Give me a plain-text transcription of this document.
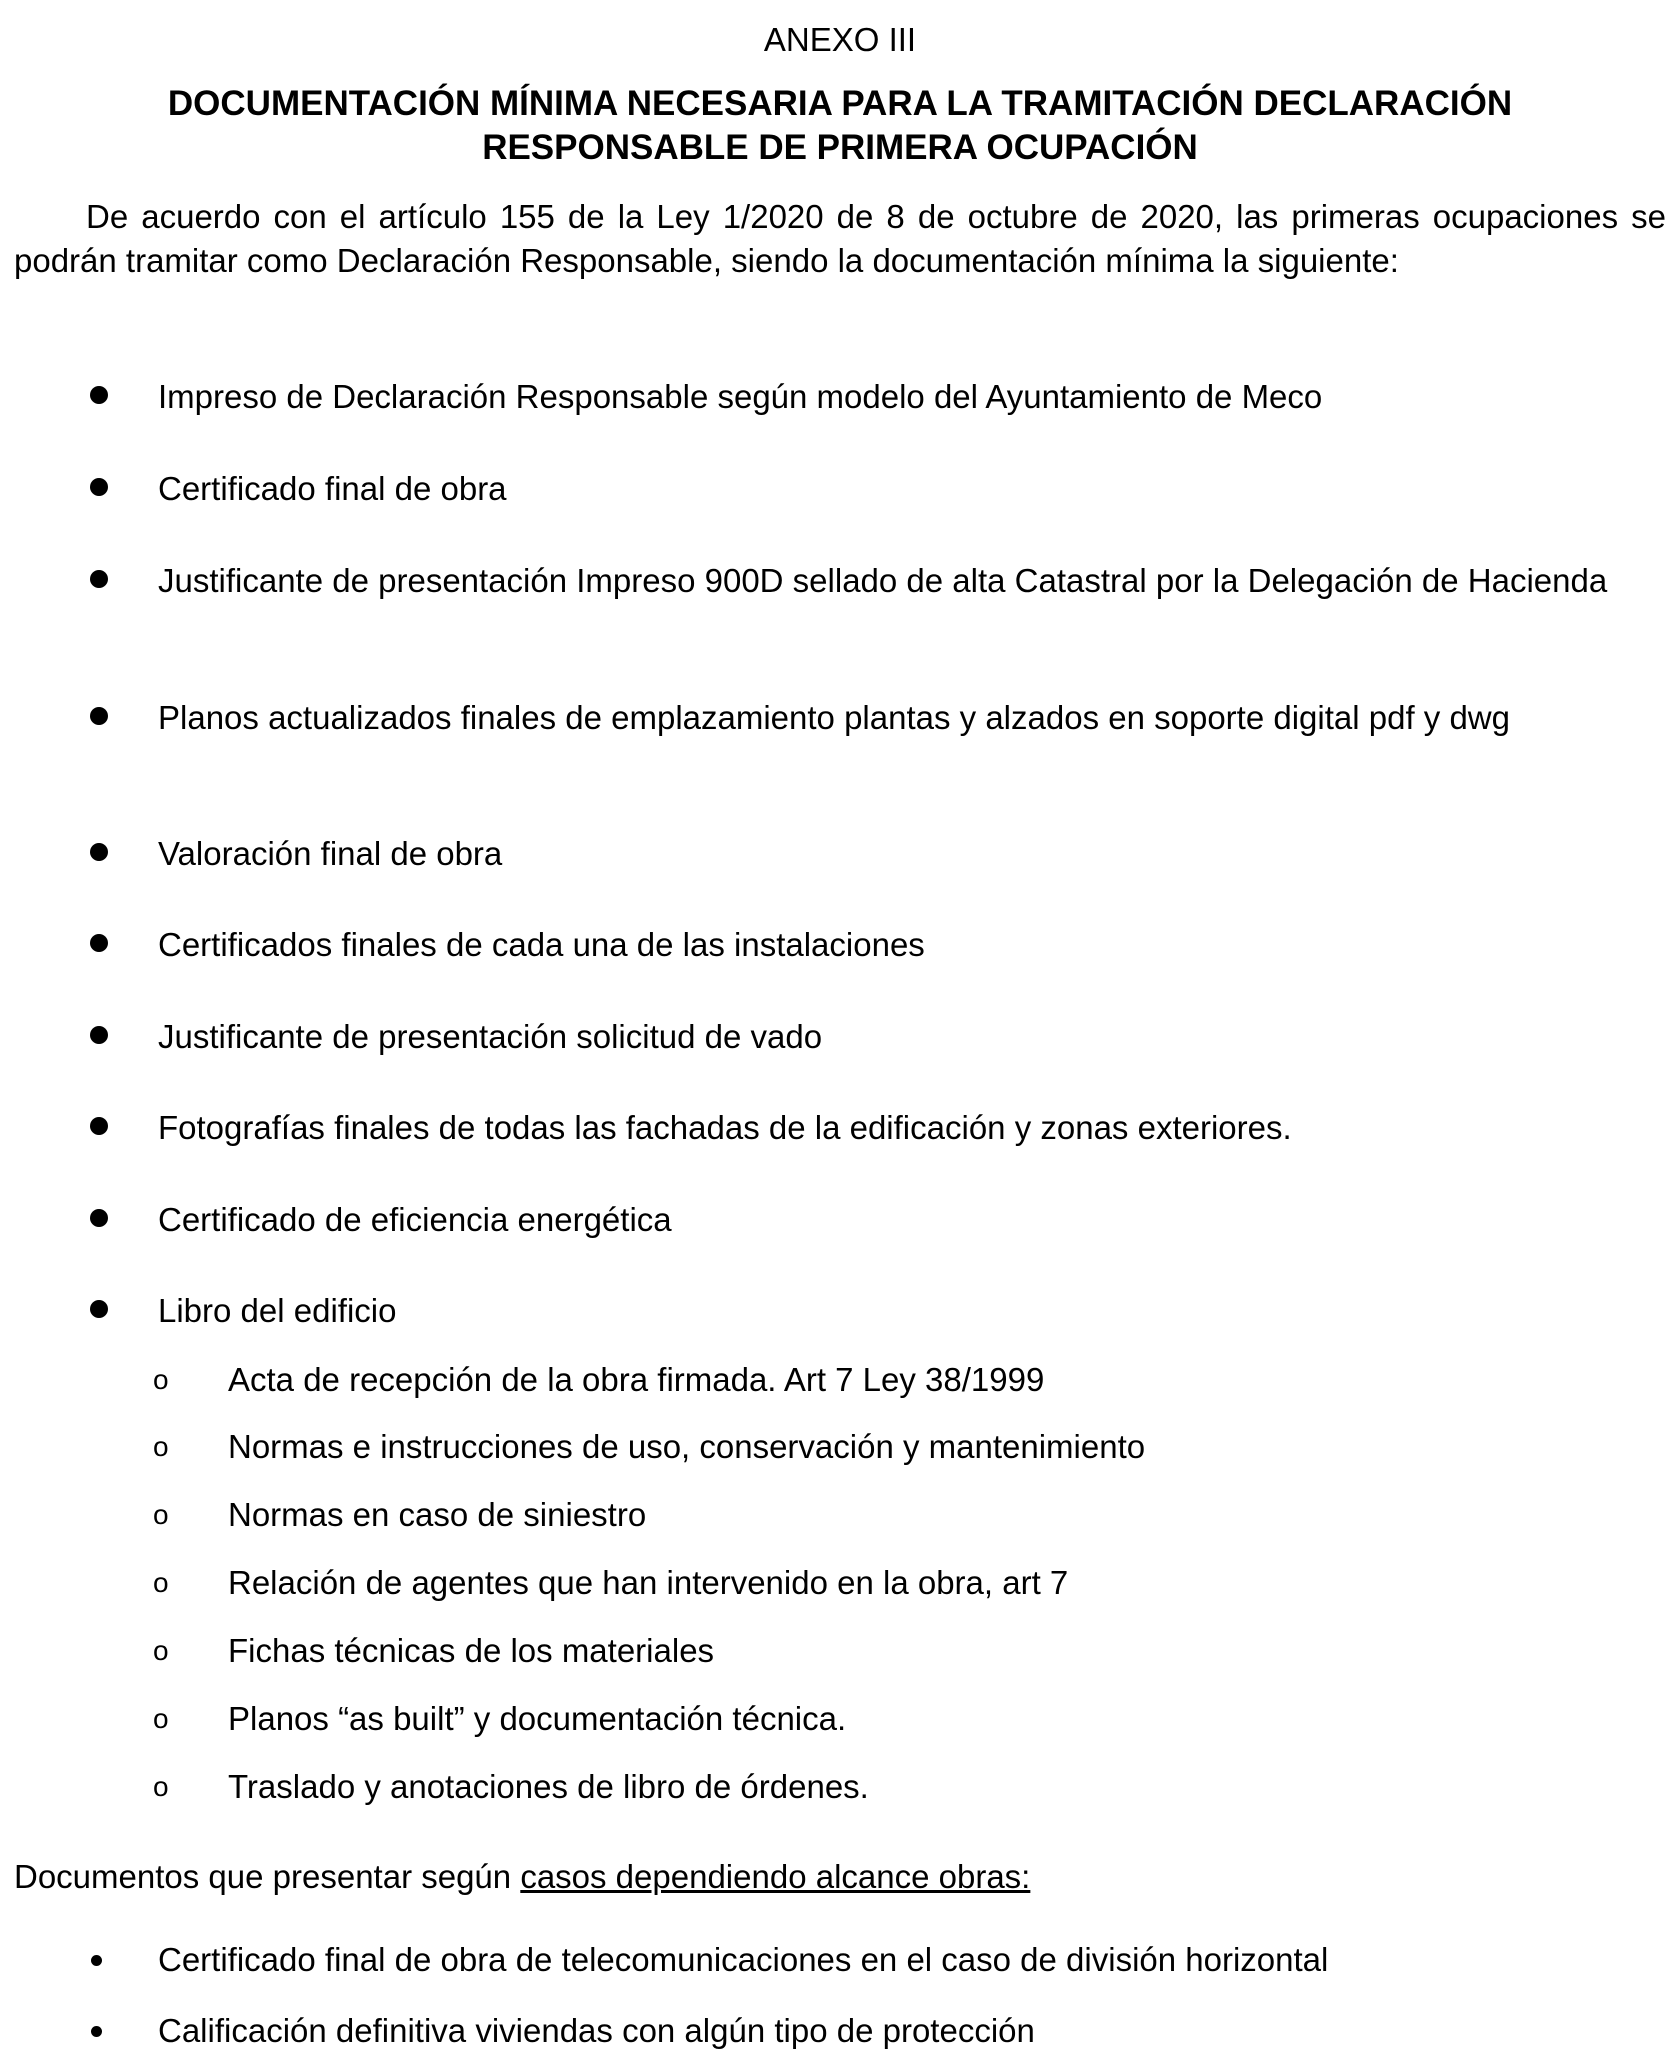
ANEXO III
DOCUMENTACIÓN MÍNIMA NECESARIA PARA LA TRAMITACIÓN DECLARACIÓN
RESPONSABLE DE PRIMERA OCUPACIÓN
De acuerdo con el artículo 155 de la Ley 1/2020 de 8 de octubre de 2020, las primeras ocupaciones se podrán tramitar como Declaración Responsable, siendo la documentación mínima la siguiente:
Impreso de Declaración Responsable según modelo del Ayuntamiento de Meco
Certificado final de obra
Justificante de presentación Impreso 900D sellado de alta Catastral por la Delegación de Hacienda
Planos actualizados finales de emplazamiento plantas y alzados en soporte digital pdf y dwg
Valoración final de obra
Certificados finales de cada una de las instalaciones
Justificante de presentación solicitud de vado
Fotografías finales de todas las fachadas de la edificación y zonas exteriores.
Certificado de eficiencia energética
Libro del edificio
o	Acta de recepción de la obra firmada. Art 7 Ley 38/1999
o	Normas e instrucciones de uso, conservación y mantenimiento
o	Normas en caso de siniestro
o	Relación de agentes que han intervenido en la obra, art 7
o	Fichas técnicas de los materiales
o	Planos “as built” y documentación técnica.
o	Traslado y anotaciones de libro de órdenes.
Documentos que presentar según casos dependiendo alcance obras:
Certificado final de obra de telecomunicaciones en el caso de división horizontal
Calificación definitiva viviendas con algún tipo de protección
